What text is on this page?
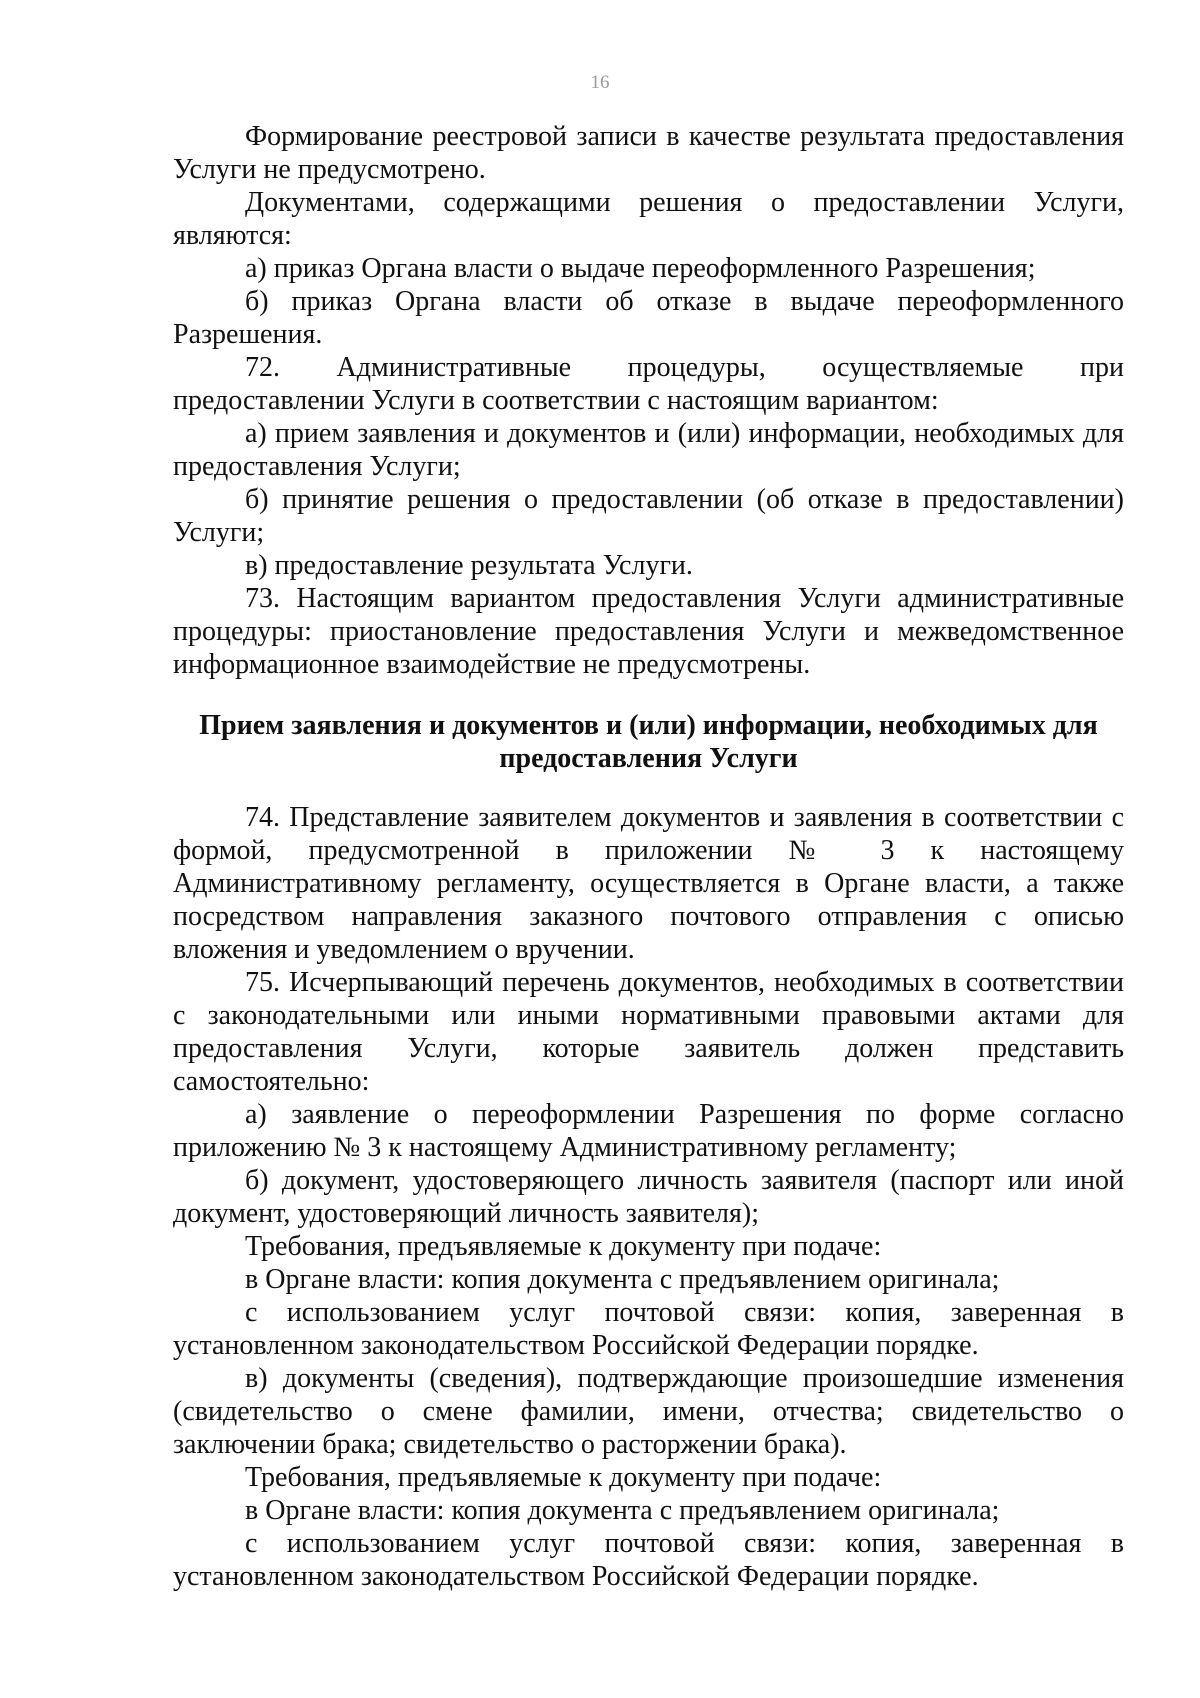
16

Формирование реестровой записи в качестве результата предоставления Услуги не предусмотрено.

Документами, содержащими решения о предоставлении Услуги, являются:

а) приказ Органа власти о выдаче переоформленного Разрешения;

б) приказ Органа власти об отказе в выдаче переоформленного Разрешения.

72. Административные процедуры, осуществляемые при предоставлении Услуги в соответствии с настоящим вариантом:

а) прием заявления и документов и (или) информации, необходимых для предоставления Услуги;

б) принятие решения о предоставлении (об отказе в предоставлении) Услуги;

в) предоставление результата Услуги.

73. Настоящим вариантом предоставления Услуги административные процедуры: приостановление предоставления Услуги и межведомственное информационное взаимодействие не предусмотрены.

Прием заявления и документов и (или) информации, необходимых для
предоставления Услуги

74. Представление заявителем документов и заявления в соответствии с формой, предусмотренной в приложении № 3 к настоящему Административному регламенту, осуществляется в Органе власти, а также посредством направления заказного почтового отправления с описью вложения и уведомлением о вручении.

75. Исчерпывающий перечень документов, необходимых в соответствии с законодательными или иными нормативными правовыми актами для предоставления Услуги, которые заявитель должен представить самостоятельно:

а) заявление о переоформлении Разрешения по форме согласно приложению № 3 к настоящему Административному регламенту;

б) документ, удостоверяющего личность заявителя (паспорт или иной документ, удостоверяющий личность заявителя);

Требования, предъявляемые к документу при подаче:

в Органе власти: копия документа с предъявлением оригинала;

с использованием услуг почтовой связи: копия, заверенная в установленном законодательством Российской Федерации порядке.

в) документы (сведения), подтверждающие произошедшие изменения (свидетельство о смене фамилии, имени, отчества; свидетельство о заключении брака; свидетельство о расторжении брака).

Требования, предъявляемые к документу при подаче:

в Органе власти: копия документа с предъявлением оригинала;

с использованием услуг почтовой связи: копия, заверенная в установленном законодательством Российской Федерации порядке.
